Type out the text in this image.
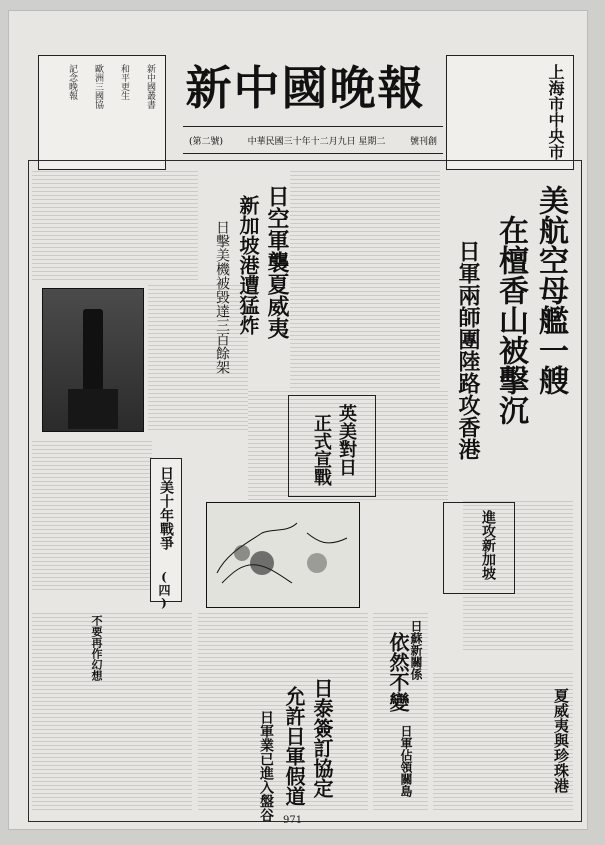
新中國叢書
和平更生
歐洲三國協
記念晚報 新中國晚報	上海市中央市
(第二號)	中華民國三十年十二月九日 星期二	號刊創
美航空母艦一艘
在檀香山被擊沉
日軍兩師團陸路攻香港
日空軍襲夏威夷
新加坡港遭猛炸
日擊美機被毀達三百餘架
英美對日
正式宣戰
日美十年戰爭
(四)
日蘇新關係
依然不變
日泰簽訂協定
允許日軍假道
日軍業已進入盤谷	夏威夷與珍珠港
進攻新加坡
日軍佔領關島
不要再作幻想
971
